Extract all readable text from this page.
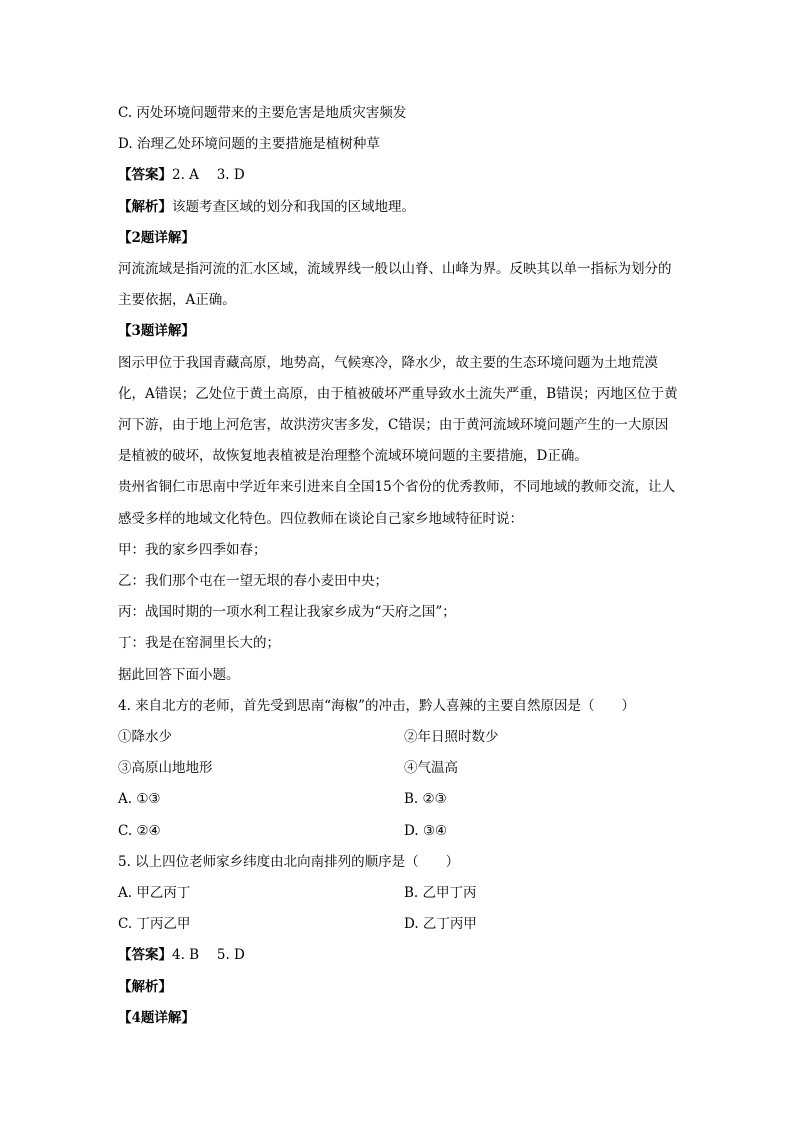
C. 丙处环境问题带来的主要危害是地质灾害频发
D. 治理乙处环境问题的主要措施是植树种草
【答案】2. A　 3. D
【解析】该题考查区域的划分和我国的区域地理。
【2题详解】
河流流域是指河流的汇水区域，流域界线一般以山脊、山峰为界。反映其以单一指标为划分的主要依据，A正确。
【3题详解】
图示甲位于我国青藏高原，地势高，气候寒冷，降水少，故主要的生态环境问题为土地荒漠化，A错误；乙处位于黄土高原，由于植被破坏严重导致水土流失严重，B错误；丙地区位于黄河下游，由于地上河危害，故洪涝灾害多发，C错误；由于黄河流域环境问题产生的一大原因是植被的破坏，故恢复地表植被是治理整个流域环境问题的主要措施，D正确。
贵州省铜仁市思南中学近年来引进来自全国15个省份的优秀教师，不同地域的教师交流，让人感受多样的地域文化特色。四位教师在谈论自己家乡地域特征时说：
甲：我的家乡四季如春；
乙：我们那个屯在一望无垠的春小麦田中央；
丙：战国时期的一项水利工程让我家乡成为“天府之国”；
丁：我是在窑洞里长大的；
据此回答下面小题。
4. 来自北方的老师，首先受到思南“海椒”的冲击，黔人喜辣的主要自然原因是（　　）
①降水少	②年日照时数少
③高原山地地形	④气温高
A. ①③	B. ②③
C. ②④	D. ③④
5. 以上四位老师家乡纬度由北向南排列的顺序是（　　）
A. 甲乙丙丁	B. 乙甲丁丙
C. 丁丙乙甲	D. 乙丁丙甲
【答案】4. B　 5. D
【解析】
【4题详解】
